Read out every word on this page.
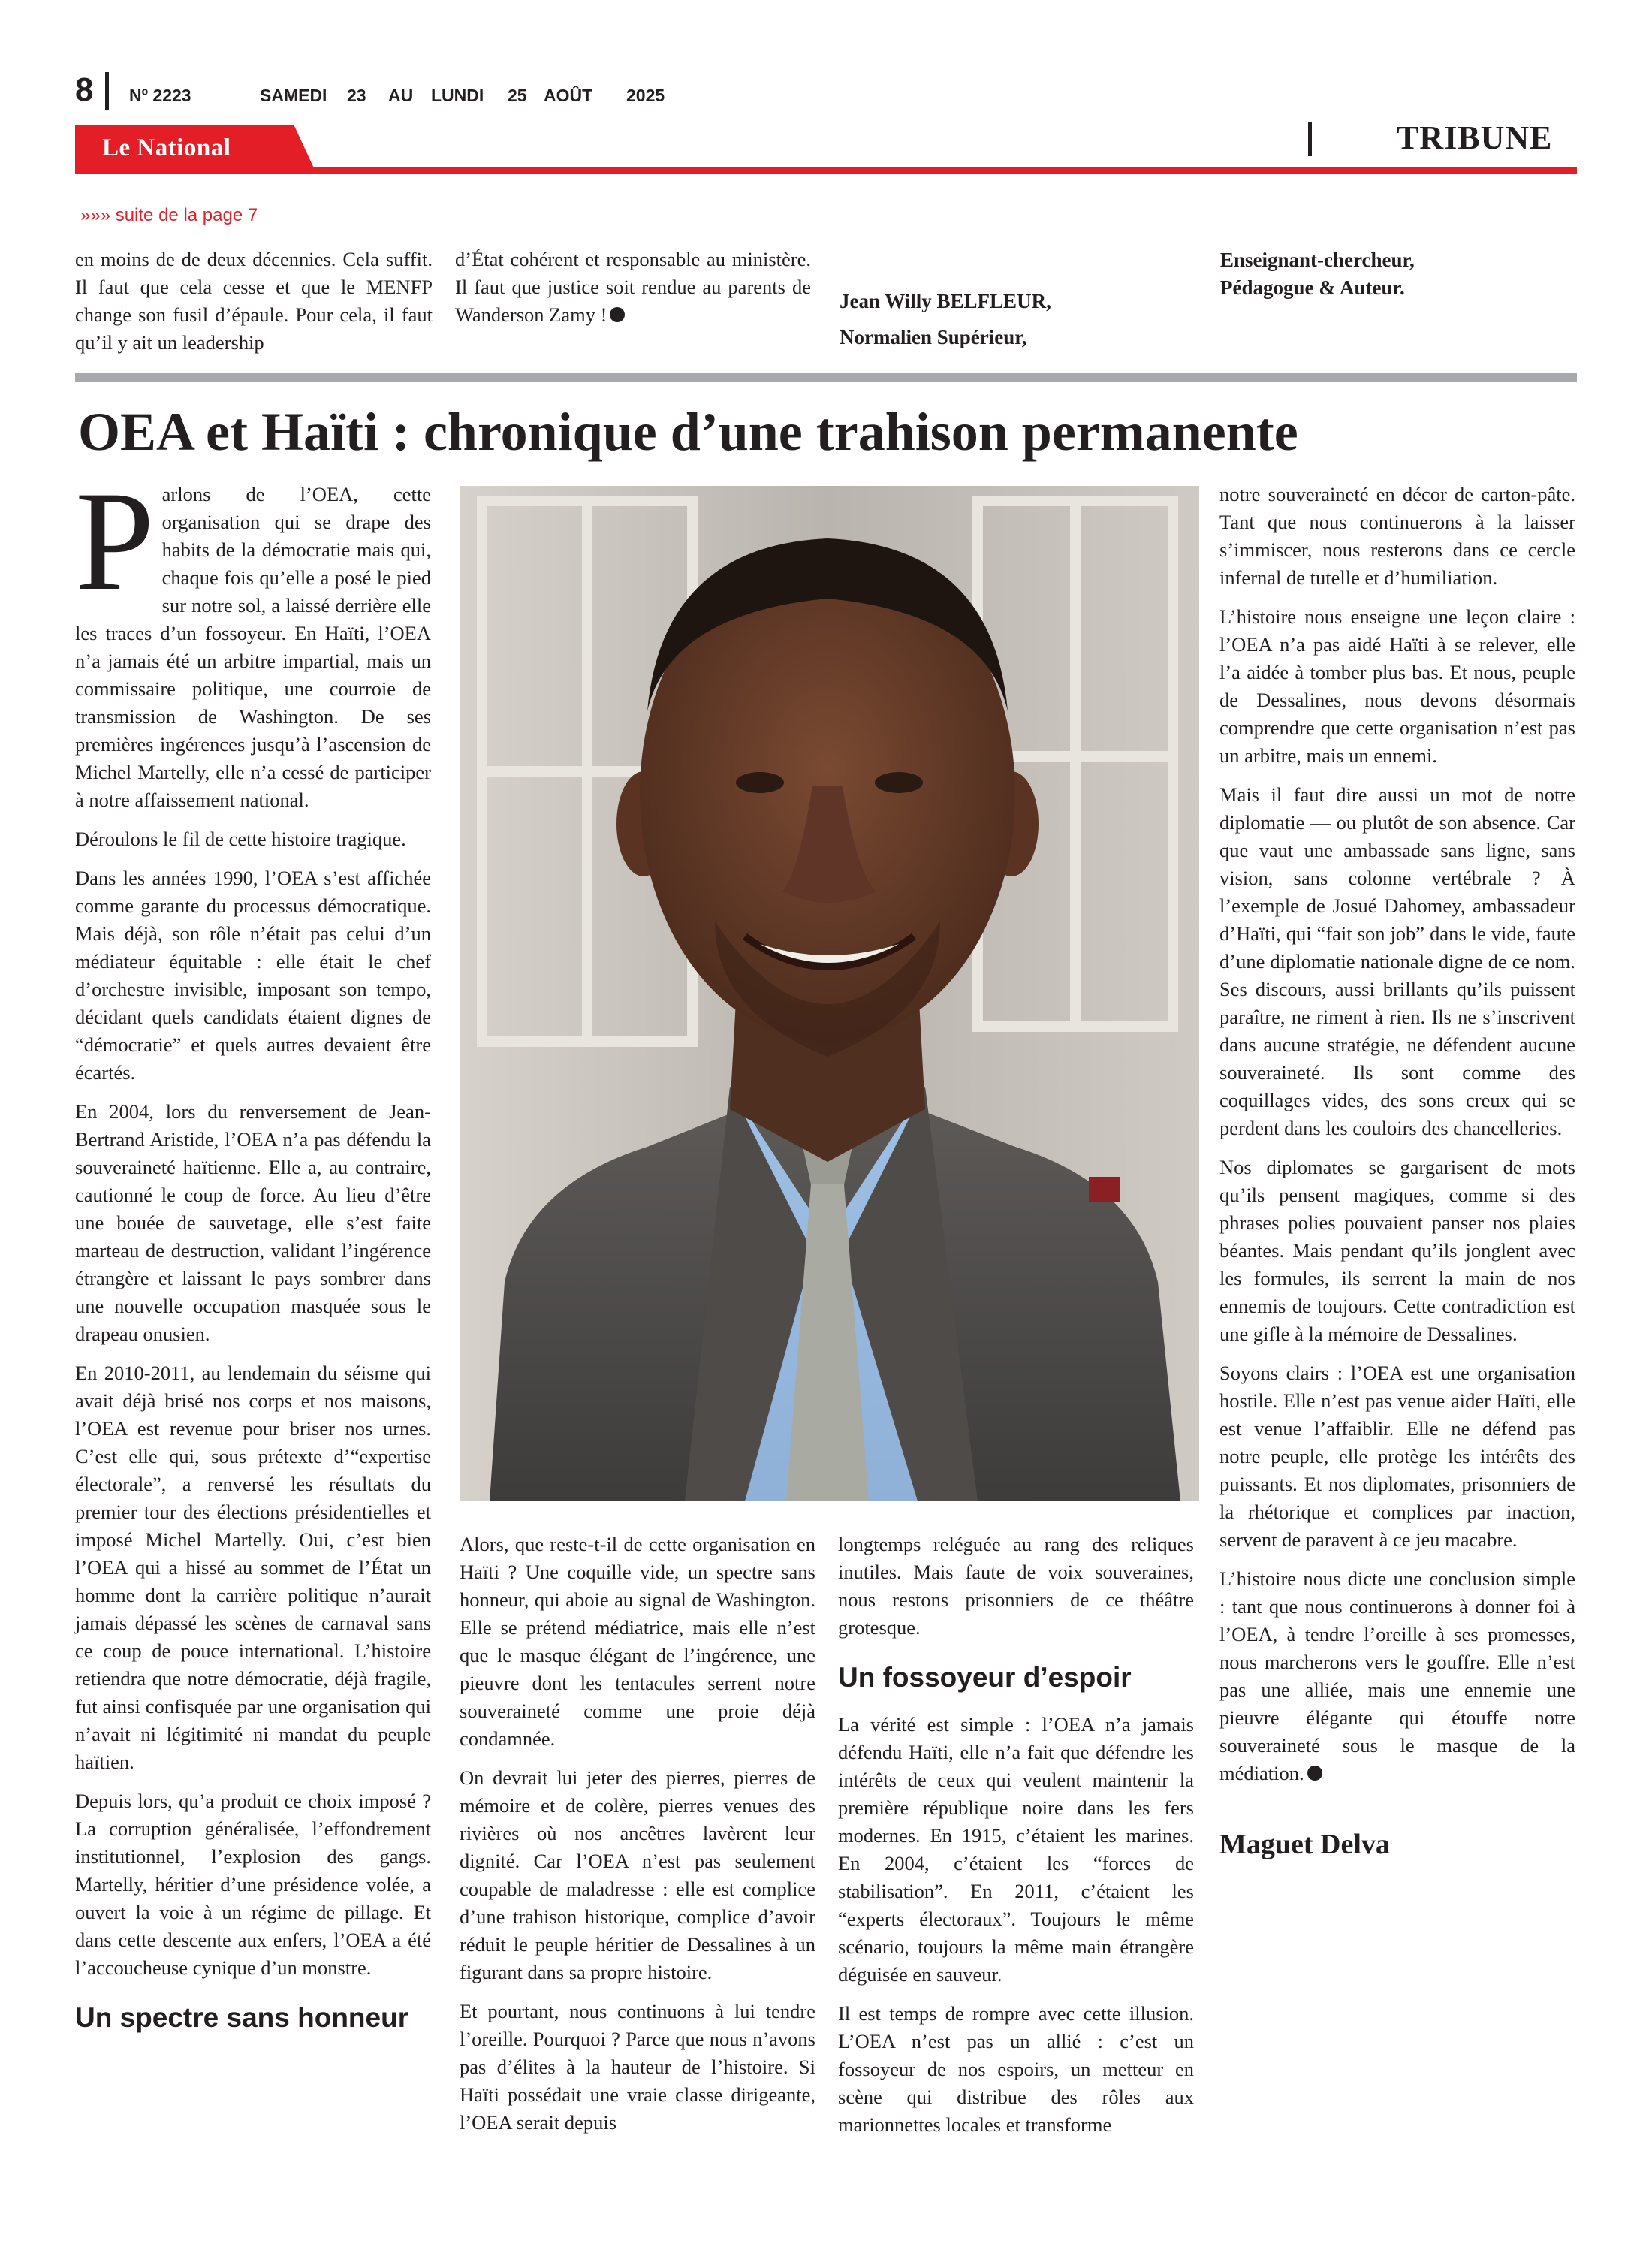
8 Nº 2223	SAMEDI 23 AU LUNDI 25 AOÛT 2025
Le National	TRIBUNE
»»» suite de la page 7
en moins de de deux décennies. Cela suffit. Il faut que cela cesse et que le MENFP change son fusil d’épaule. Pour cela, il faut qu’il y ait un leadership
d’État cohérent et responsable au ministère. Il faut que justice soit rendue au parents de Wanderson Zamy !
Jean Willy BELFLEUR,
Normalien Supérieur,
Enseignant-chercheur,
Pédagogue & Auteur.
OEA et Haïti : chronique d’une trahison permanente

Parlons de l’OEA, cette organisation qui se drape des habits de la démocratie mais qui, chaque fois qu’elle a posé le pied sur notre sol, a laissé derrière elle les traces d’un fossoyeur. En Haïti, l’OEA n’a jamais été un arbitre impartial, mais un commissaire politique, une courroie de transmission de Washington. De ses premières ingérences jusqu’à l’ascension de Michel Martelly, elle n’a cessé de participer à notre affaissement national.

Déroulons le fil de cette histoire tragique.

Dans les années 1990, l’OEA s’est affichée comme garante du processus démocratique. Mais déjà, son rôle n’était pas celui d’un médiateur équitable : elle était le chef d’orchestre invisible, imposant son tempo, décidant quels candidats étaient dignes de “démocratie” et quels autres devaient être écartés.

En 2004, lors du renversement de Jean-Bertrand Aristide, l’OEA n’a pas défendu la souveraineté haïtienne. Elle a, au contraire, cautionné le coup de force. Au lieu d’être une bouée de sauvetage, elle s’est faite marteau de destruction, validant l’ingérence étrangère et laissant le pays sombrer dans une nouvelle occupation masquée sous le drapeau onusien.

En 2010-2011, au lendemain du séisme qui avait déjà brisé nos corps et nos maisons, l’OEA est revenue pour briser nos urnes. C’est elle qui, sous prétexte d’“expertise électorale”, a renversé les résultats du premier tour des élections présidentielles et imposé Michel Martelly. Oui, c’est bien l’OEA qui a hissé au sommet de l’État un homme dont la carrière politique n’aurait jamais dépassé les scènes de carnaval sans ce coup de pouce international. L’histoire retiendra que notre démocratie, déjà fragile, fut ainsi confisquée par une organisation qui n’avait ni légitimité ni mandat du peuple haïtien.

Depuis lors, qu’a produit ce choix imposé ? La corruption généralisée, l’effondrement institutionnel, l’explosion des gangs. Martelly, héritier d’une présidence volée, a ouvert la voie à un régime de pillage. Et dans cette descente aux enfers, l’OEA a été l’accoucheuse cynique d’un monstre.

Un spectre sans honneur

Alors, que reste-t-il de cette organisation en Haïti ? Une coquille vide, un spectre sans honneur, qui aboie au signal de Washington. Elle se prétend médiatrice, mais elle n’est que le masque élégant de l’ingérence, une pieuvre dont les tentacules serrent notre souveraineté comme une proie déjà condamnée.

On devrait lui jeter des pierres, pierres de mémoire et de colère, pierres venues des rivières où nos ancêtres lavèrent leur dignité. Car l’OEA n’est pas seulement coupable de maladresse : elle est complice d’une trahison historique, complice d’avoir réduit le peuple héritier de Dessalines à un figurant dans sa propre histoire.

Et pourtant, nous continuons à lui tendre l’oreille. Pourquoi ? Parce que nous n’avons pas d’élites à la hauteur de l’histoire. Si Haïti possédait une vraie classe dirigeante, l’OEA serait depuis

longtemps reléguée au rang des reliques inutiles. Mais faute de voix souveraines, nous restons prisonniers de ce théâtre grotesque.

Un fossoyeur d’espoir

La vérité est simple : l’OEA n’a jamais défendu Haïti, elle n’a fait que défendre les intérêts de ceux qui veulent maintenir la première république noire dans les fers modernes. En 1915, c’étaient les marines. En 2004, c’étaient les “forces de stabilisation”. En 2011, c’étaient les “experts électoraux”. Toujours le même scénario, toujours la même main étrangère déguisée en sauveur.

Il est temps de rompre avec cette illusion. L’OEA n’est pas un allié : c’est un fossoyeur de nos espoirs, un metteur en scène qui distribue des rôles aux marionnettes locales et transforme

notre souveraineté en décor de carton-pâte. Tant que nous continuerons à la laisser s’immiscer, nous resterons dans ce cercle infernal de tutelle et d’humiliation.

L’histoire nous enseigne une leçon claire : l’OEA n’a pas aidé Haïti à se relever, elle l’a aidée à tomber plus bas. Et nous, peuple de Dessalines, nous devons désormais comprendre que cette organisation n’est pas un arbitre, mais un ennemi.

Mais il faut dire aussi un mot de notre diplomatie — ou plutôt de son absence. Car que vaut une ambassade sans ligne, sans vision, sans colonne vertébrale ? À l’exemple de Josué Dahomey, ambassadeur d’Haïti, qui “fait son job” dans le vide, faute d’une diplomatie nationale digne de ce nom. Ses discours, aussi brillants qu’ils puissent paraître, ne riment à rien. Ils ne s’inscrivent dans aucune stratégie, ne défendent aucune souveraineté. Ils sont comme des coquillages vides, des sons creux qui se perdent dans les couloirs des chancelleries.

Nos diplomates se gargarisent de mots qu’ils pensent magiques, comme si des phrases polies pouvaient panser nos plaies béantes. Mais pendant qu’ils jonglent avec les formules, ils serrent la main de nos ennemis de toujours. Cette contradiction est une gifle à la mémoire de Dessalines.

Soyons clairs : l’OEA est une organisation hostile. Elle n’est pas venue aider Haïti, elle est venue l’affaiblir. Elle ne défend pas notre peuple, elle protège les intérêts des puissants. Et nos diplomates, prisonniers de la rhétorique et complices par inaction, servent de paravent à ce jeu macabre.

L’histoire nous dicte une conclusion simple : tant que nous continuerons à donner foi à l’OEA, à tendre l’oreille à ses promesses, nous marcherons vers le gouffre. Elle n’est pas une alliée, mais une ennemie une pieuvre élégante qui étouffe notre souveraineté sous le masque de la médiation.

Maguet Delva
